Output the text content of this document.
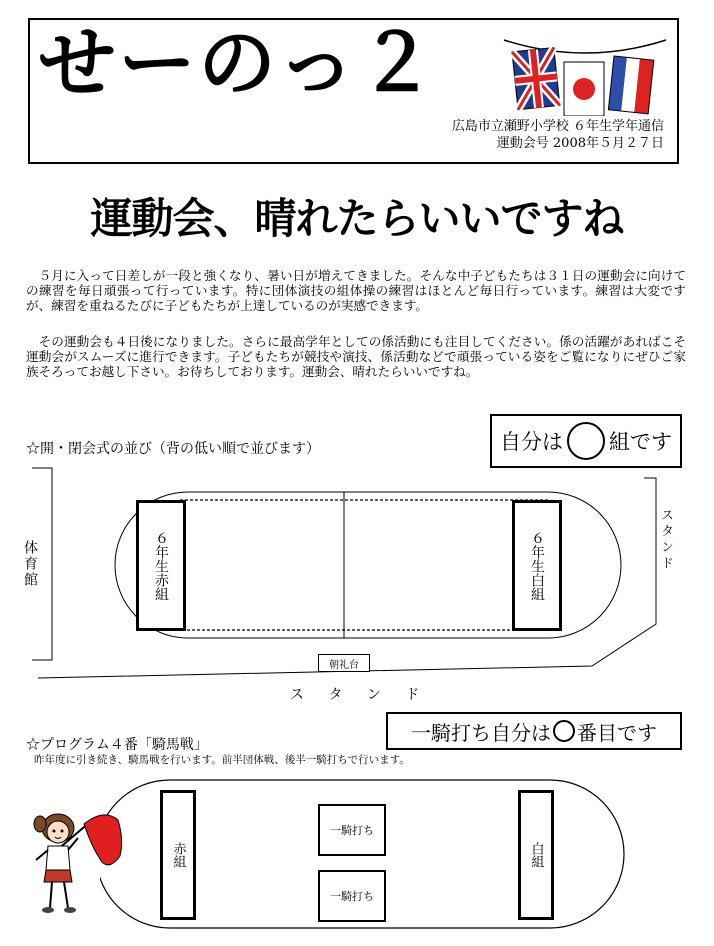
せーのっ２
広島市立瀬野小学校 ６年生学年通信
運動会号 2008年５月２７日
運動会、晴れたらいいですね
５月に入って日差しが一段と強くなり、暑い日が増えてきました。そんな中子どもたちは３１日の運動会に向けての練習を毎日頑張って行っています。特に団体演技の組体操の練習はほとんど毎日行っています。練習は大変ですが、練習を重ねるたびに子どもたちが上達しているのが実感できます。
その運動会も４日後になりました。さらに最高学年としての係活動にも注目してください。係の活躍があればこそ運動会がスムーズに進行できます。子どもたちが競技や演技、係活動などで頑張っている姿をご覧になりにぜひご家族そろってお越し下さい。お待ちしております。運動会、晴れたらいいですね。
☆開・閉会式の並び（背の低い順で並びます）	自分は 組です
体育館	スタンド
ス タ ン ド
６年生赤組	６年生白組
朝礼台
一騎打ち自分は 番目です
☆プログラム４番「騎馬戦」
昨年度に引き続き、騎馬戦を行います。前半団体戦、後半一騎打ちで行います。
赤組	白組
一騎打ち
一騎打ち
